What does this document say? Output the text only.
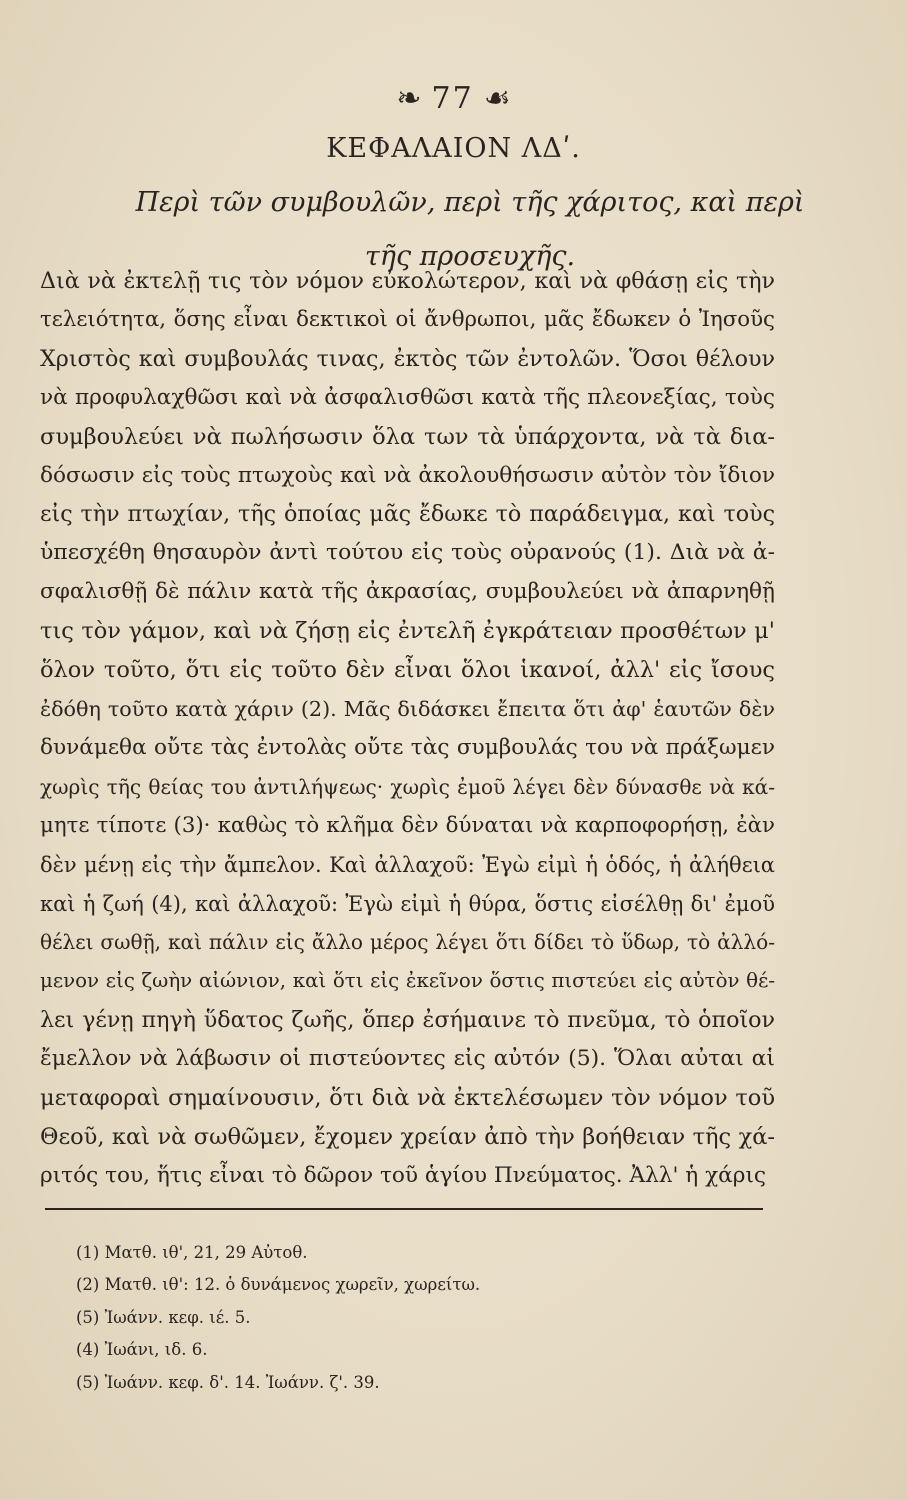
❧ 77 ☙
ΚΕΦΑΛΑΙΟΝ ΛΔʹ.
Περὶ τῶν συμβουλῶν, περὶ τῆς χάριτος, καὶ περὶ
τῆς προσευχῆς.
Διὰ νὰ ἐκτελῇ τις τὸν νόμον εὐκολώτερον, καὶ νὰ φθάσῃ εἰς τὴν
τελειότητα, ὅσης εἶναι δεκτικοὶ οἱ ἄνθρωποι, μᾶς ἔδωκεν ὁ Ἰησοῦς
Χριστὸς καὶ συμβουλάς τινας, ἐκτὸς τῶν ἐντολῶν. Ὅσοι θέλουν
νὰ προφυλαχθῶσι καὶ νὰ ἀσφαλισθῶσι κατὰ τῆς πλεονεξίας, τοὺς
συμβουλεύει νὰ πωλήσωσιν ὅλα των τὰ ὑπάρχοντα, νὰ τὰ δια-
δόσωσιν εἰς τοὺς πτωχοὺς καὶ νὰ ἀκολουθήσωσιν αὐτὸν τὸν ἴδιον
εἰς τὴν πτωχίαν, τῆς ὁποίας μᾶς ἔδωκε τὸ παράδειγμα, καὶ τοὺς
ὑπεσχέθη θησαυρὸν ἀντὶ τούτου εἰς τοὺς οὐρανούς (1). Διὰ νὰ ἀ-
σφαλισθῇ δὲ πάλιν κατὰ τῆς ἀκρασίας, συμβουλεύει νὰ ἀπαρνηθῇ
τις τὸν γάμον, καὶ νὰ ζήσῃ εἰς ἐντελῆ ἐγκράτειαν προσθέτων μ'
ὅλον τοῦτο, ὅτι εἰς τοῦτο δὲν εἶναι ὅλοι ἱκανοί, ἀλλ' εἰς ἴσους
ἐδόθη τοῦτο κατὰ χάριν (2). Μᾶς διδάσκει ἔπειτα ὅτι ἀφ' ἑαυτῶν δὲν
δυνάμεθα οὔτε τὰς ἐντολὰς οὔτε τὰς συμβουλάς του νὰ πράξωμεν
χωρὶς τῆς θείας του ἀντιλήψεως· χωρὶς ἐμοῦ λέγει δὲν δύνασθε νὰ κά-
μητε τίποτε (3)· καθὼς τὸ κλῆμα δὲν δύναται νὰ καρποφορήσῃ, ἐὰν
δὲν μένῃ εἰς τὴν ἄμπελον. Καὶ ἀλλαχοῦ: Ἐγὼ εἰμὶ ἡ ὁδός, ἡ ἀλήθεια
καὶ ἡ ζωή (4), καὶ ἀλλαχοῦ: Ἐγὼ εἰμὶ ἡ θύρα, ὅστις εἰσέλθῃ δι' ἐμοῦ
θέλει σωθῇ, καὶ πάλιν εἰς ἄλλο μέρος λέγει ὅτι δίδει τὸ ὕδωρ, τὸ ἀλλό-
μενον εἰς ζωὴν αἰώνιον, καὶ ὅτι εἰς ἐκεῖνον ὅστις πιστεύει εἰς αὐτὸν θέ-
λει γένῃ πηγὴ ὕδατος ζωῆς, ὅπερ ἐσήμαινε τὸ πνεῦμα, τὸ ὁποῖον
ἔμελλον νὰ λάβωσιν οἱ πιστεύοντες εἰς αὐτόν (5). Ὅλαι αὐται αἱ
μεταφοραὶ σημαίνουσιν, ὅτι διὰ νὰ ἐκτελέσωμεν τὸν νόμον τοῦ
Θεοῦ, καὶ νὰ σωθῶμεν, ἔχομεν χρείαν ἀπὸ τὴν βοήθειαν τῆς χά-
ριτός του, ἥτις εἶναι τὸ δῶρον τοῦ ἁγίου Πνεύματος. Ἀλλ' ἡ χάρις
(1) Ματθ. ιθ', 21, 29 Αὐτοθ.
(2) Ματθ. ιθ': 12. ὁ δυνάμενος χωρεῖν, χωρείτω.
(5) Ἰωάνν. κεφ. ιέ. 5.
(4) Ἰωάνι, ιδ. 6.
(5) Ἰωάνν. κεφ. δ'. 14. Ἰωάνν. ζ'. 39.
